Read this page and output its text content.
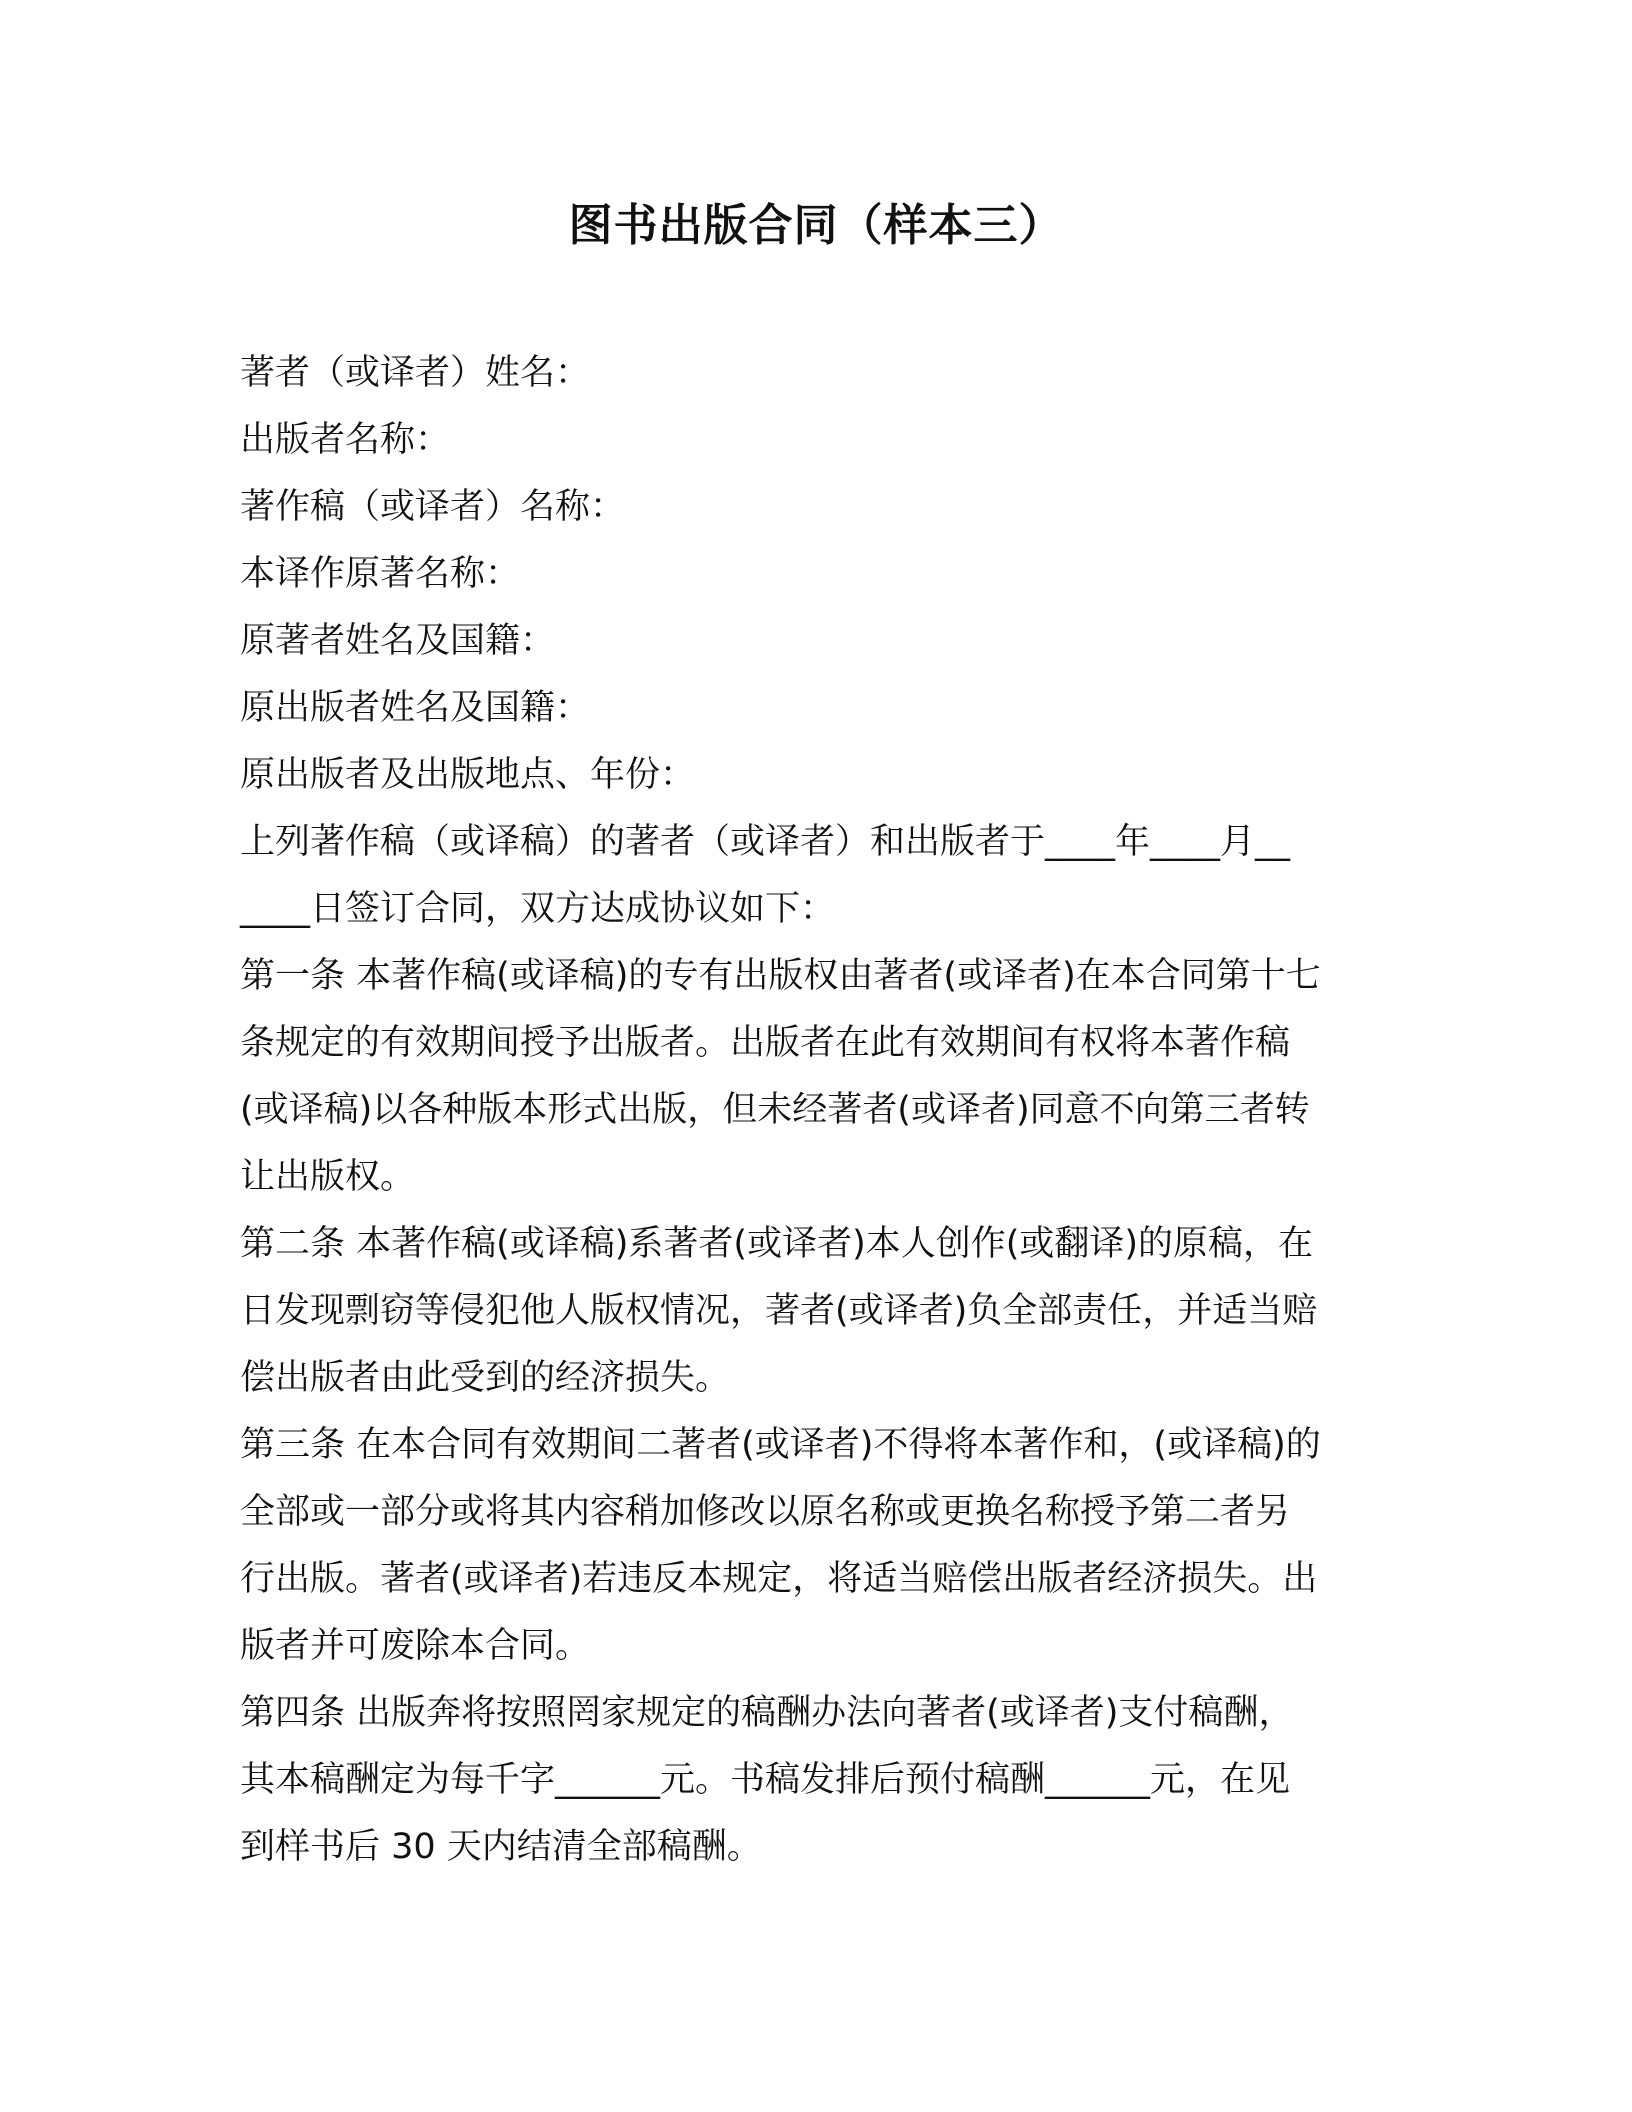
图书出版合同（样本三）
著者（或译者）姓名：
出版者名称：
著作稿（或译者）名称：
本译作原著名称：
原著者姓名及国籍：
原出版者姓名及国籍：
原出版者及出版地点、年份：
上列著作稿（或译稿）的著者（或译者）和出版者于____年____月__
____日签订合同，双方达成协议如下：
第一条 本著作稿(或译稿)的专有出版权由著者(或译者)在本合同第十七
条规定的有效期间授予出版者。出版者在此有效期间有权将本著作稿
(或译稿)以各种版本形式出版，但未经著者(或译者)同意不向第三者转
让出版权。
第二条 本著作稿(或译稿)系著者(或译者)本人创作(或翻译)的原稿，在
日发现剽窃等侵犯他人版权情况，著者(或译者)负全部责任，并适当赔
偿出版者由此受到的经济损失。
第三条 在本合同有效期间二著者(或译者)不得将本著作和，(或译稿)的
全部或一部分或将其内容稍加修改以原名称或更换名称授予第二者另
行出版。著者(或译者)若违反本规定，将适当赔偿出版者经济损失。出
版者并可废除本合同。
第四条 出版奔将按照罔家规定的稿酬办法向著者(或译者)支付稿酬，
其本稿酬定为每千字______元。书稿发排后预付稿酬______元，在见
到样书后 30 天内结清全部稿酬。
